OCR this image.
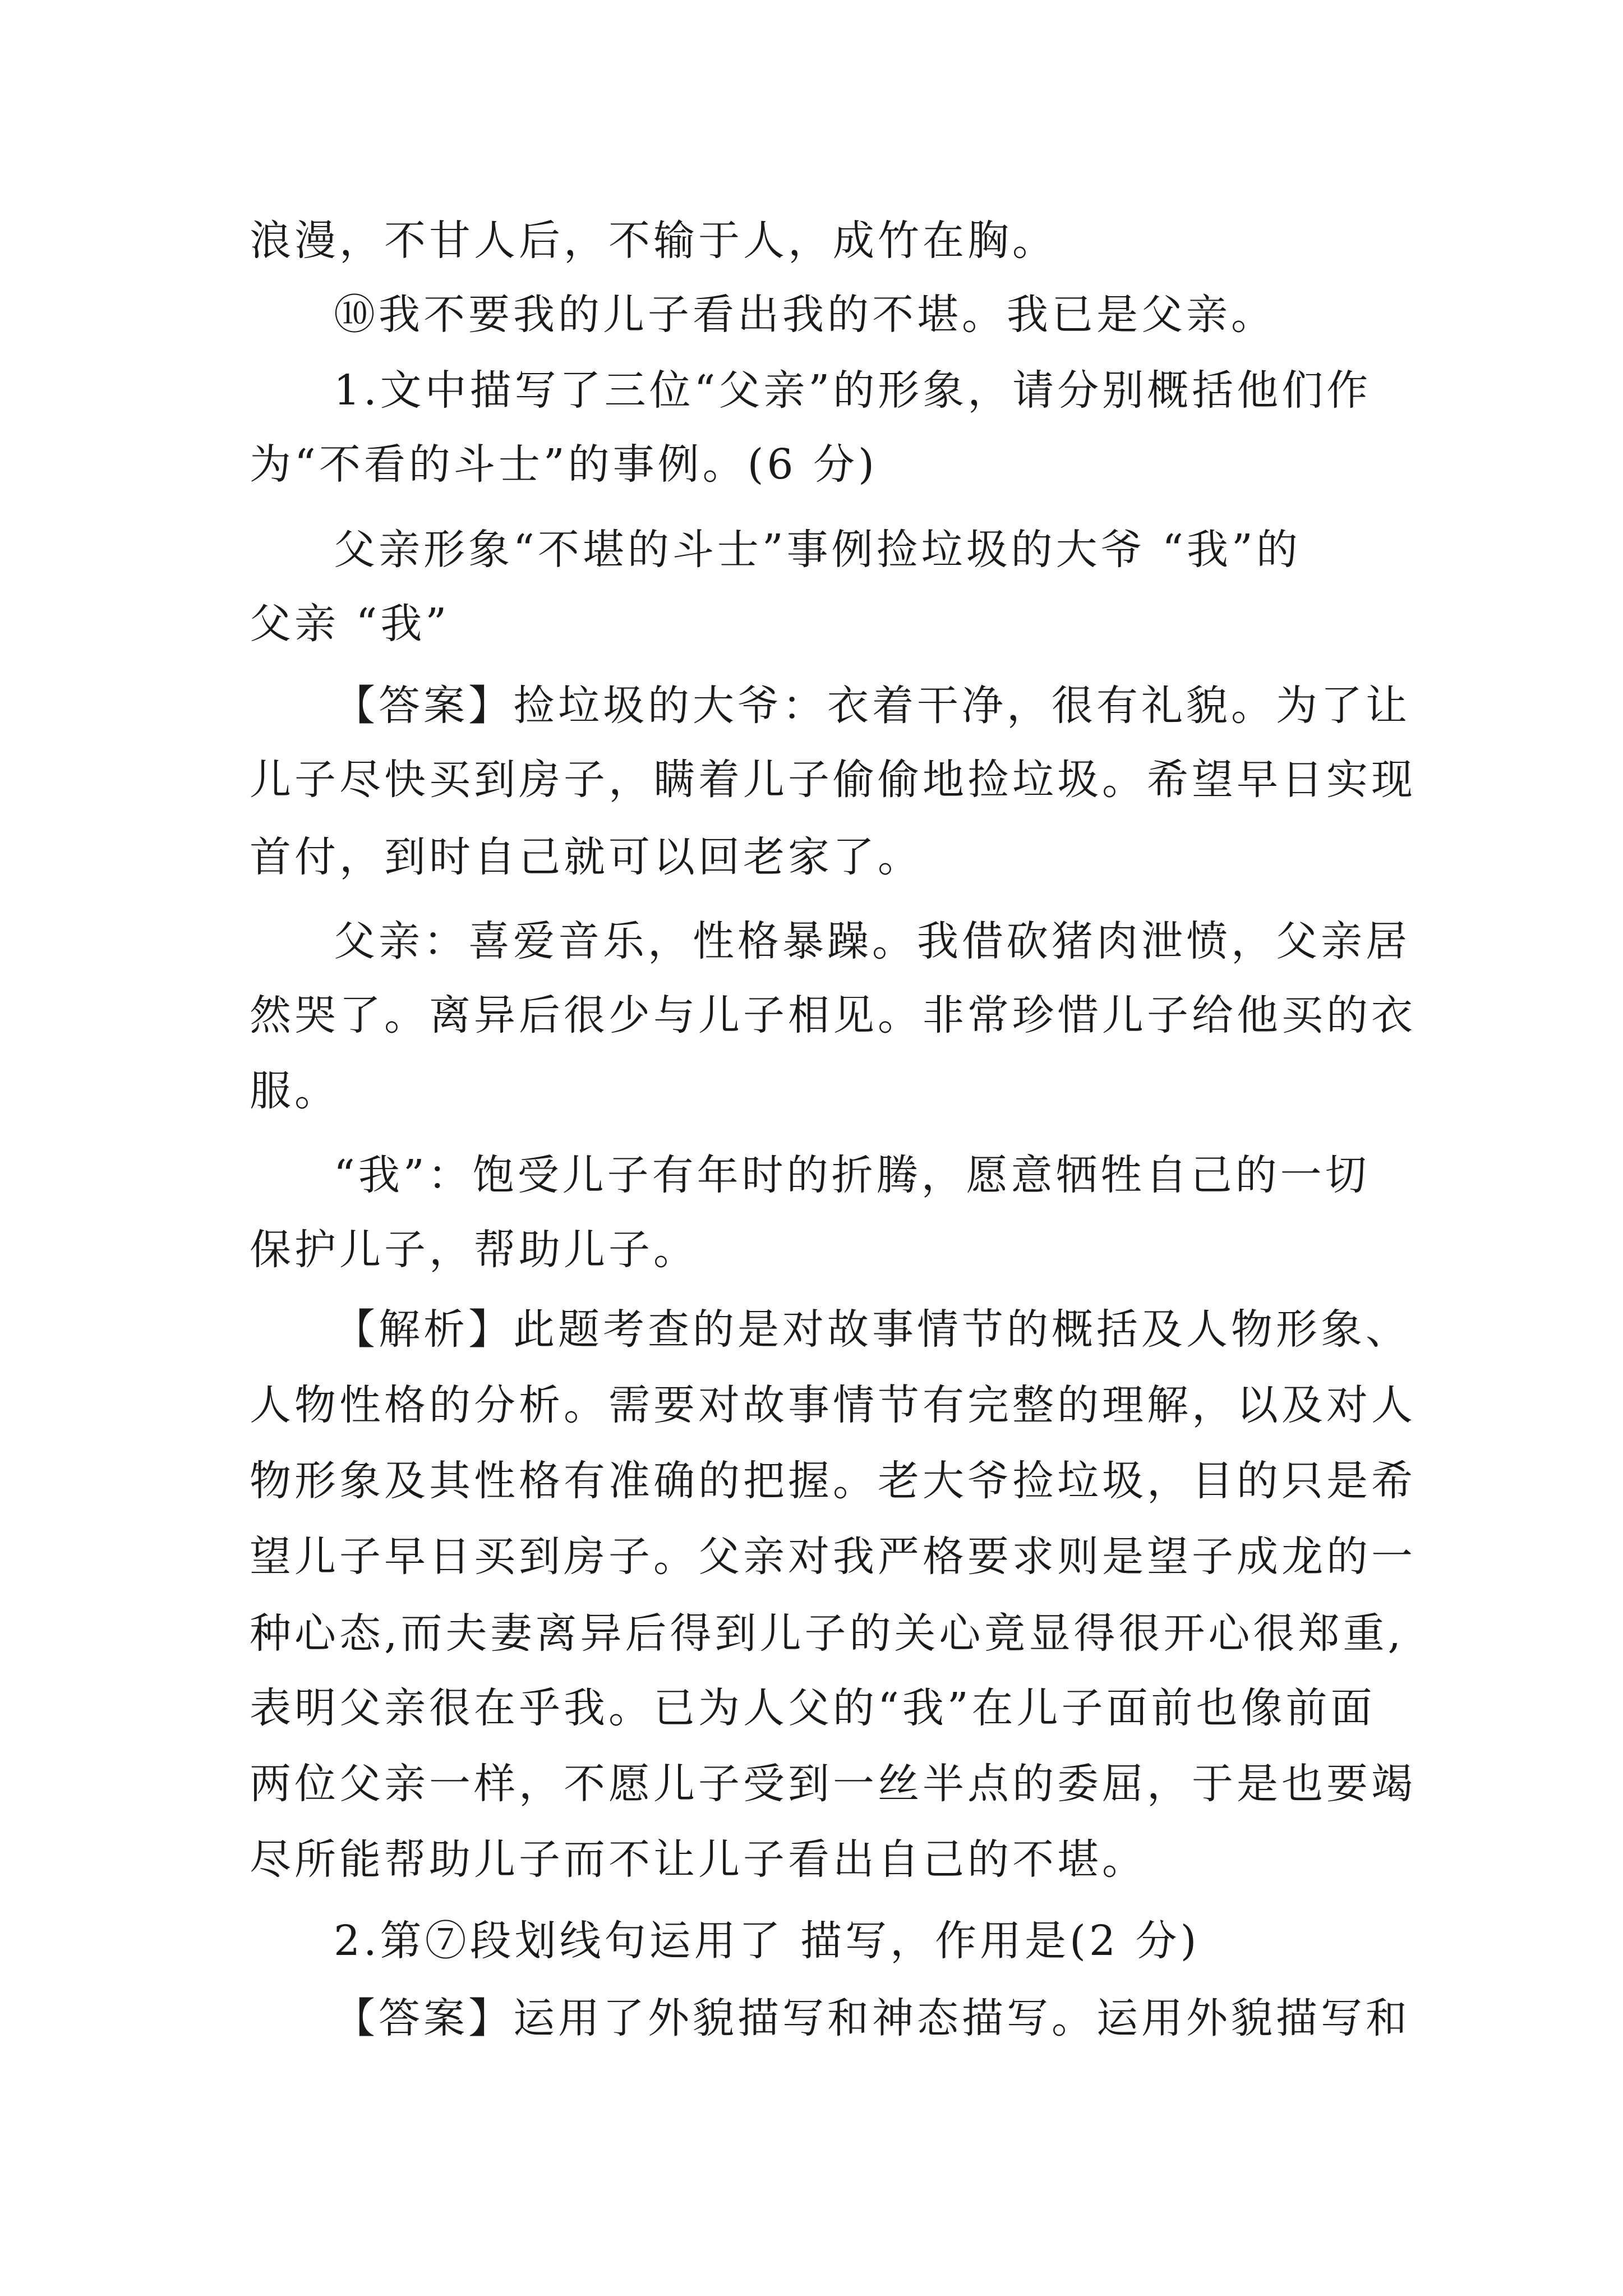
浪漫，不甘人后，不输于人，成竹在胸。
⑩我不要我的儿子看出我的不堪。我已是父亲。
1.文中描写了三位“父亲”的形象，请分别概括他们作
为“不看的斗士”的事例。(6 分)
父亲形象“不堪的斗士”事例捡垃圾的大爷 “我”的
父亲 “我”
【答案】捡垃圾的大爷：衣着干净，很有礼貌。为了让
儿子尽快买到房子，瞒着儿子偷偷地捡垃圾。希望早日实现
首付，到时自己就可以回老家了。
父亲：喜爱音乐，性格暴躁。我借砍猪肉泄愤，父亲居
然哭了。离异后很少与儿子相见。非常珍惜儿子给他买的衣
服。
“我”：饱受儿子有年时的折腾，愿意牺牲自己的一切
保护儿子，帮助儿子。
【解析】此题考查的是对故事情节的概括及人物形象、
人物性格的分析。需要对故事情节有完整的理解，以及对人
物形象及其性格有准确的把握。老大爷捡垃圾，目的只是希
望儿子早日买到房子。父亲对我严格要求则是望子成龙的一
种心态,而夫妻离异后得到儿子的关心竟显得很开心很郑重,
表明父亲很在乎我。已为人父的“我”在儿子面前也像前面
两位父亲一样，不愿儿子受到一丝半点的委屈，于是也要竭
尽所能帮助儿子而不让儿子看出自己的不堪。
2.第⑦段划线句运用了 描写，作用是(2 分)
【答案】运用了外貌描写和神态描写。运用外貌描写和
